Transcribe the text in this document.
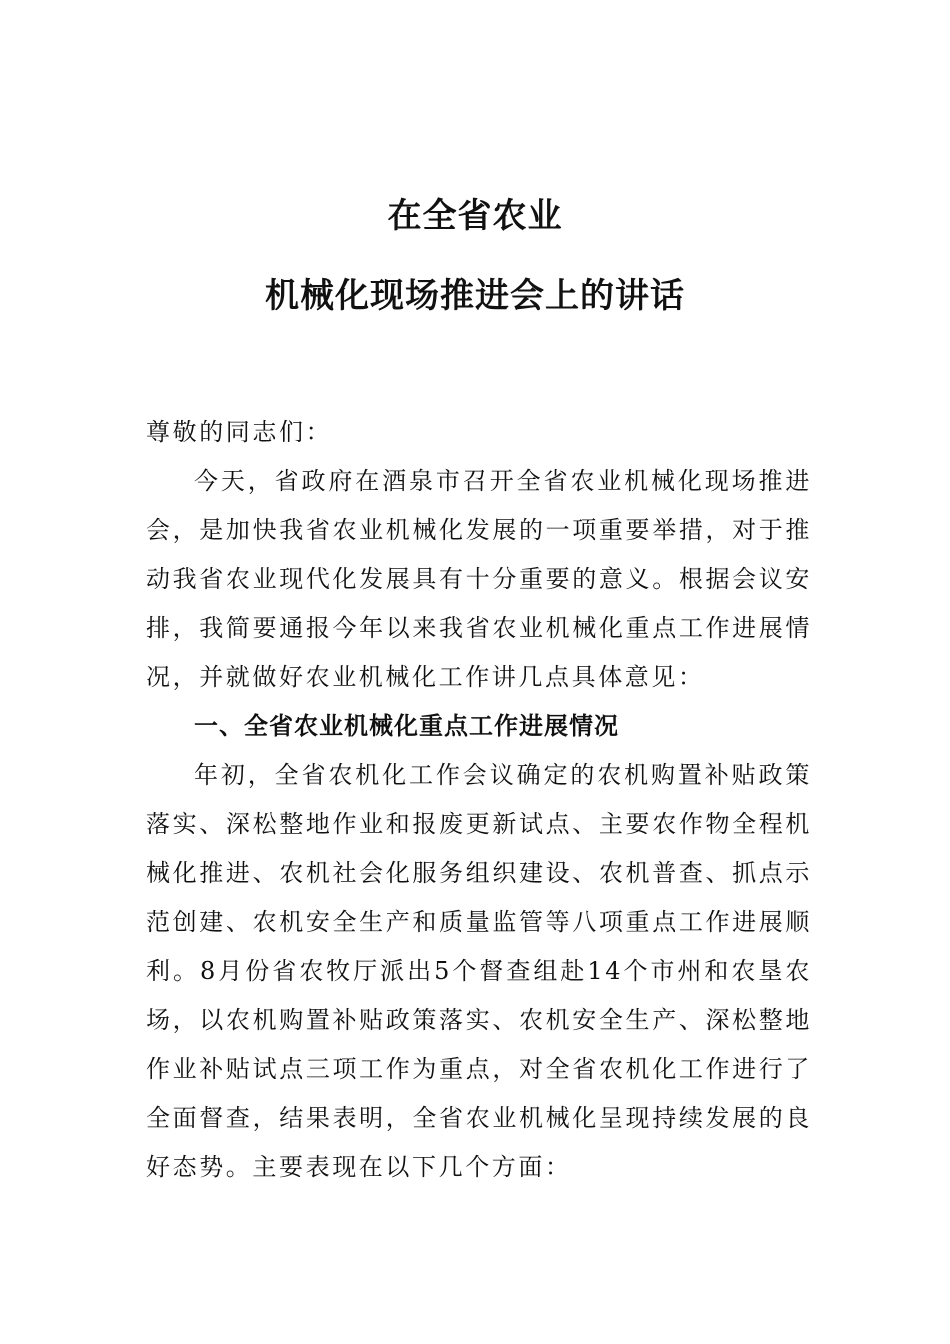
在全省农业

机械化现场推进会上的讲话

尊敬的同志们：

今天，省政府在酒泉市召开全省农业机械化现场推进会，是加快我省农业机械化发展的一项重要举措，对于推动我省农业现代化发展具有十分重要的意义。根据会议安排，我简要通报今年以来我省农业机械化重点工作进展情况，并就做好农业机械化工作讲几点具体意见：

一、全省农业机械化重点工作进展情况

年初，全省农机化工作会议确定的农机购置补贴政策落实、深松整地作业和报废更新试点、主要农作物全程机械化推进、农机社会化服务组织建设、农机普查、抓点示范创建、农机安全生产和质量监管等八项重点工作进展顺利。8月份省农牧厅派出5个督查组赴14个市州和农垦农场，以农机购置补贴政策落实、农机安全生产、深松整地作业补贴试点三项工作为重点，对全省农机化工作进行了全面督查，结果表明，全省农业机械化呈现持续发展的良好态势。主要表现在以下几个方面：
